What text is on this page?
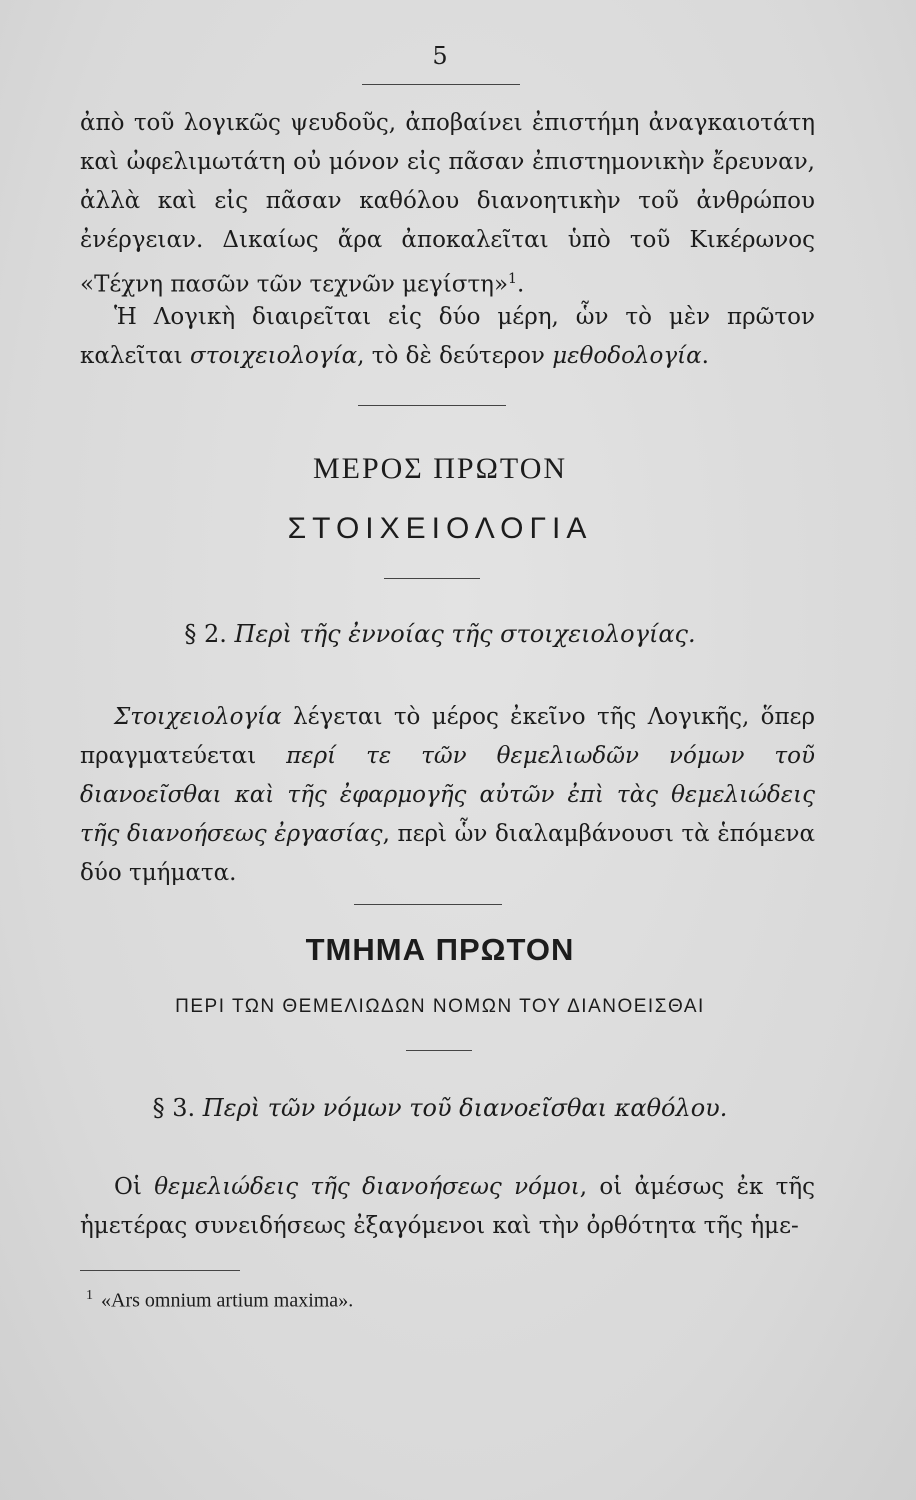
5

ἀπὸ τοῦ λογικῶς ψευδοῦς, ἀποβαίνει ἐπιστήμη ἀναγκαιοτάτη καὶ ὠφελιμωτάτη οὐ μόνον εἰς πᾶσαν ἐπιστημονικὴν ἔρευναν, ἀλλὰ καὶ εἰς πᾶσαν καθόλου διανοητικὴν τοῦ ἀνθρώπου ἐνέργειαν. Δικαίως ἄρα ἀποκαλεῖται ὑπὸ τοῦ Κικέρωνος «Τέχνη πασῶν τῶν τεχνῶν μεγίστη»$^1$.

Ἡ Λογικὴ διαιρεῖται εἰς δύο μέρη, ὧν τὸ μὲν πρῶτον καλεῖται στοιχειολογία, τὸ δὲ δεύτερον μεθοδολογία.

ΜΕΡΟΣ ΠΡΩΤΟΝ

ΣΤΟΙΧΕΙΟΛΟΓΙΑ

§ 2. Περὶ τῆς ἐννοίας τῆς στοιχειολογίας.

Στοιχειολογία λέγεται τὸ μέρος ἐκεῖνο τῆς Λογικῆς, ὅπερ πραγματεύεται περί τε τῶν θεμελιωδῶν νόμων τοῦ διανοεῖσθαι καὶ τῆς ἐφαρμογῆς αὐτῶν ἐπὶ τὰς θεμελιώδεις τῆς διανοήσεως ἐργασίας, περὶ ὧν διαλαμβάνουσι τὰ ἑπόμενα δύο τμήματα.

ΤΜΗΜΑ ΠΡΩΤΟΝ

ΠΕΡΙ ΤΩΝ ΘΕΜΕΛΙΩΔΩΝ ΝΟΜΩΝ ΤΟΥ ΔΙΑΝΟΕΙΣΘΑΙ

§ 3. Περὶ τῶν νόμων τοῦ διανοεῖσθαι καθόλου.

Οἱ θεμελιώδεις τῆς διανοήσεως νόμοι, οἱ ἀμέσως ἐκ τῆς ἡμετέρας συνειδήσεως ἐξαγόμενοι καὶ τὴν ὀρθότητα τῆς ἡμε-

$^1$ «Ars omnium artium maxima».
